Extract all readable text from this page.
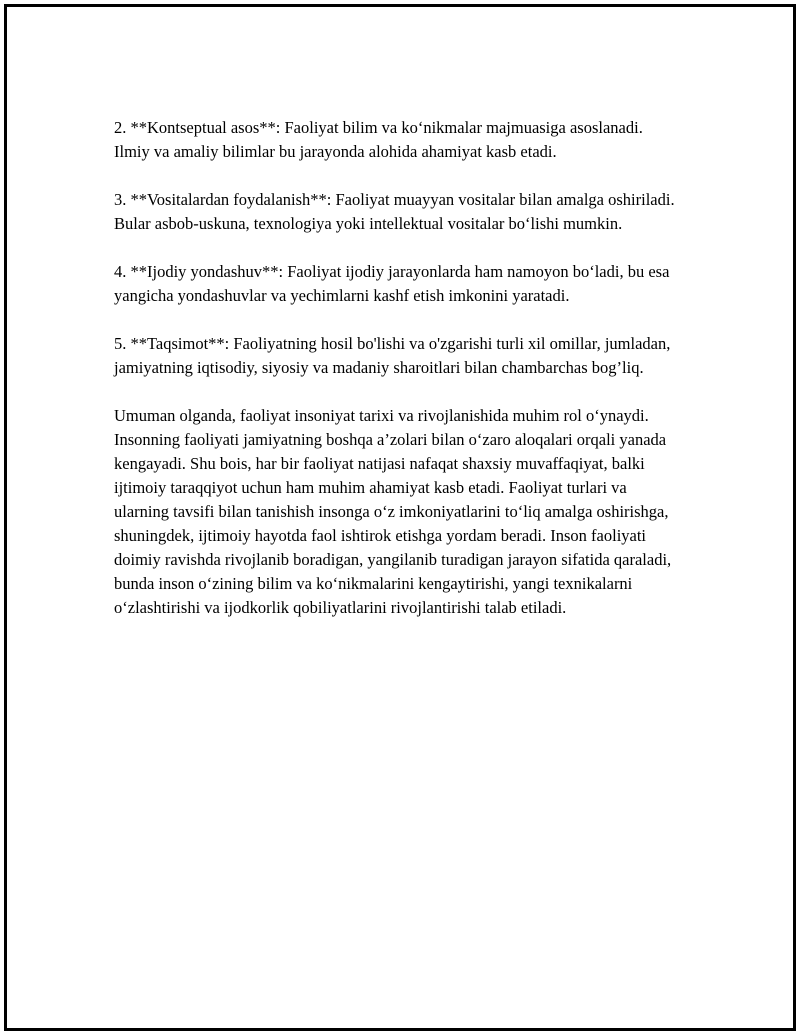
2. **Kontseptual asos**: Faoliyat bilim va ko‘nikmalar majmuasiga asoslanadi. Ilmiy va amaliy bilimlar bu jarayonda alohida ahamiyat kasb etadi.

3. **Vositalardan foydalanish**: Faoliyat muayyan vositalar bilan amalga oshiriladi. Bular asbob-uskuna, texnologiya yoki intellektual vositalar bo‘lishi mumkin.

4. **Ijodiy yondashuv**: Faoliyat ijodiy jarayonlarda ham namoyon bo‘ladi, bu esa yangicha yondashuvlar va yechimlarni kashf etish imkonini yaratadi.

5. **Taqsimot**: Faoliyatning hosil bo'lishi va o'zgarishi turli xil omillar, jumladan, jamiyatning iqtisodiy, siyosiy va madaniy sharoitlari bilan chambarchas bog’liq.

Umuman olganda, faoliyat insoniyat tarixi va rivojlanishida muhim rol o‘ynaydi. Insonning faoliyati jamiyatning boshqa a’zolari bilan o‘zaro aloqalari orqali yanada kengayadi. Shu bois, har bir faoliyat natijasi nafaqat shaxsiy muvaffaqiyat, balki ijtimoiy taraqqiyot uchun ham muhim ahamiyat kasb etadi. Faoliyat turlari va ularning tavsifi bilan tanishish insonga o‘z imkoniyatlarini to‘liq amalga oshirishga, shuningdek, ijtimoiy hayotda faol ishtirok etishga yordam beradi. Inson faoliyati doimiy ravishda rivojlanib boradigan, yangilanib turadigan jarayon sifatida qaraladi, bunda inson o‘zining bilim va ko‘nikmalarini kengaytirishi, yangi texnikalarni o‘zlashtirishi va ijodkorlik qobiliyatlarini rivojlantirishi talab etiladi.
